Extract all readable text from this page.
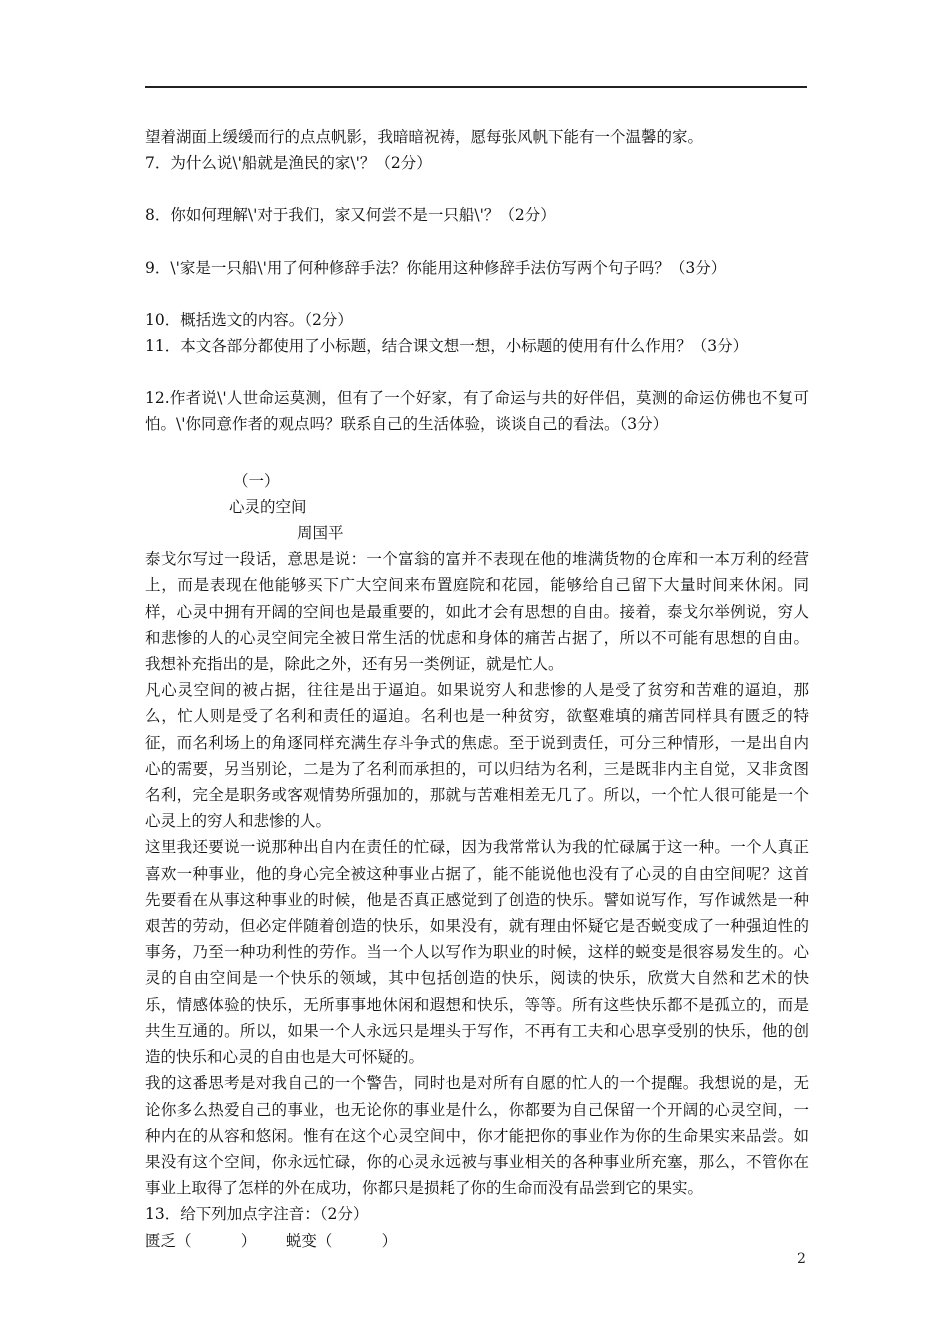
望着湖面上缓缓而行的点点帆影，我暗暗祝祷，愿每张风帆下能有一个温馨的家。

7．为什么说\'船就是渔民的家\'？（2分）

8．你如何理解\'对于我们，家又何尝不是一只船\'？（2分）

9．\'家是一只船\'用了何种修辞手法？你能用这种修辞手法仿写两个句子吗？（3分）

10．概括选文的内容。（2分）

11．本文各部分都使用了小标题，结合课文想一想，小标题的使用有什么作用？（3分）

12.作者说\'人世命运莫测，但有了一个好家，有了命运与共的好伴侣，莫测的命运仿佛也不复可怕。\'你同意作者的观点吗？联系自己的生活体验，谈谈自己的看法。（3分）

（一）

心灵的空间

周国平

泰戈尔写过一段话，意思是说：一个富翁的富并不表现在他的堆满货物的仓库和一本万利的经营上，而是表现在他能够买下广大空间来布置庭院和花园，能够给自己留下大量时间来休闲。同样，心灵中拥有开阔的空间也是最重要的，如此才会有思想的自由。接着，泰戈尔举例说，穷人和悲惨的人的心灵空间完全被日常生活的忧虑和身体的痛苦占据了，所以不可能有思想的自由。我想补充指出的是，除此之外，还有另一类例证，就是忙人。

凡心灵空间的被占据，往往是出于逼迫。如果说穷人和悲惨的人是受了贫穷和苦难的逼迫，那么，忙人则是受了名利和责任的逼迫。名利也是一种贫穷，欲壑难填的痛苦同样具有匮乏的特征，而名利场上的角逐同样充满生存斗争式的焦虑。至于说到责任，可分三种情形，一是出自内心的需要，另当别论，二是为了名利而承担的，可以归结为名利，三是既非内主自觉，又非贪图名利，完全是职务或客观情势所强加的，那就与苦难相差无几了。所以，一个忙人很可能是一个心灵上的穷人和悲惨的人。

这里我还要说一说那种出自内在责任的忙碌，因为我常常认为我的忙碌属于这一种。一个人真正喜欢一种事业，他的身心完全被这种事业占据了，能不能说他也没有了心灵的自由空间呢？这首先要看在从事这种事业的时候，他是否真正感觉到了创造的快乐。譬如说写作，写作诚然是一种艰苦的劳动，但必定伴随着创造的快乐，如果没有，就有理由怀疑它是否蜕变成了一种强迫性的事务，乃至一种功利性的劳作。当一个人以写作为职业的时候，这样的蜕变是很容易发生的。心灵的自由空间是一个快乐的领域，其中包括创造的快乐，阅读的快乐，欣赏大自然和艺术的快乐，情感体验的快乐，无所事事地休闲和遐想和快乐，等等。所有这些快乐都不是孤立的，而是共生互通的。所以，如果一个人永远只是埋头于写作，不再有工夫和心思享受别的快乐，他的创造的快乐和心灵的自由也是大可怀疑的。

我的这番思考是对我自己的一个警告，同时也是对所有自愿的忙人的一个提醒。我想说的是，无论你多么热爱自己的事业，也无论你的事业是什么，你都要为自己保留一个开阔的心灵空间，一种内在的从容和悠闲。惟有在这个心灵空间中，你才能把你的事业作为你的生命果实来品尝。如果没有这个空间，你永远忙碌，你的心灵永远被与事业相关的各种事业所充塞，那么，不管你在事业上取得了怎样的外在成功，你都只是损耗了你的生命而没有品尝到它的果实。

13．给下列加点字注音：（2分）

匮乏（          ）      蜕变（          ）

2
